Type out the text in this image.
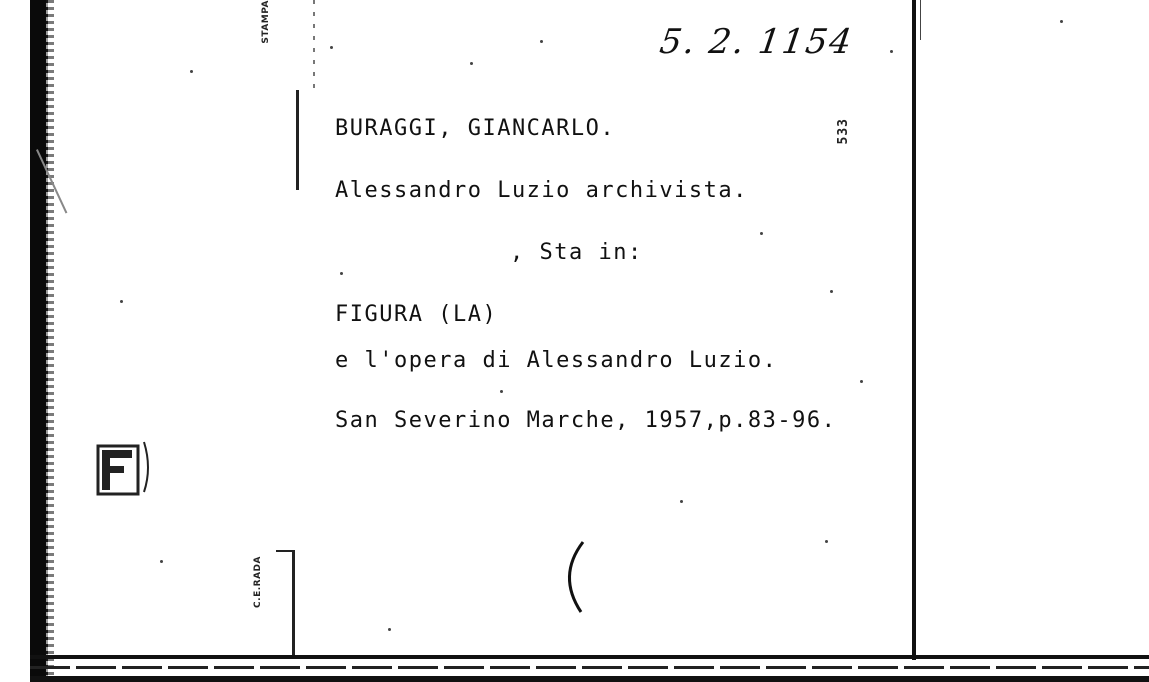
STAMPA
C.E.RADA
5. 2. 1154
533
BURAGGI, GIANCARLO.
Alessandro Luzio archivista.
, Sta in:
FIGURA (LA)
e l'opera di Alessandro Luzio.
San Severino Marche, 1957,p.83-96.
